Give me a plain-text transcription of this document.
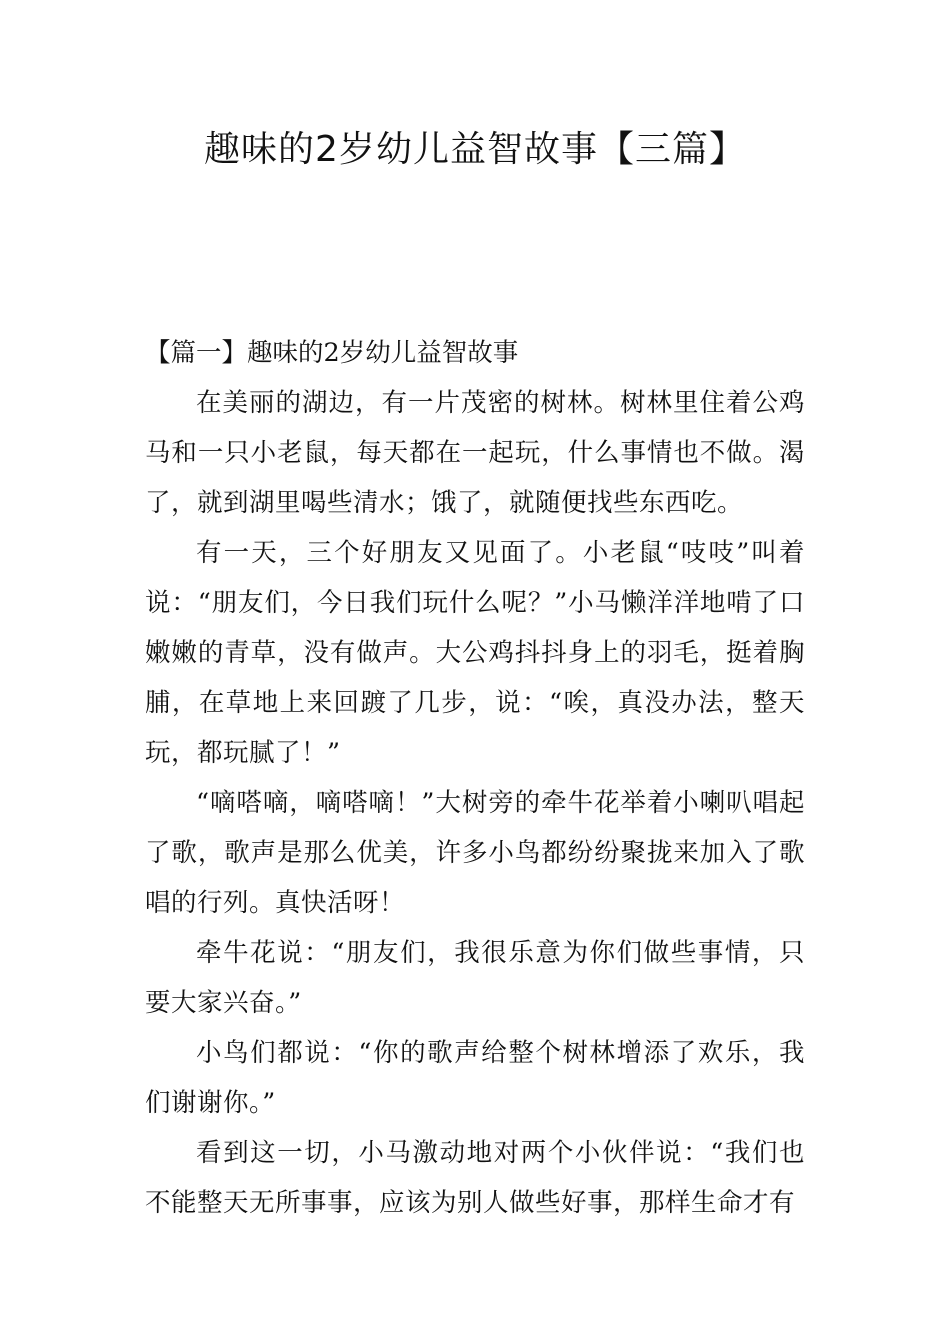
趣味的2岁幼儿益智故事【三篇】
【篇一】趣味的2岁幼儿益智故事

在美丽的湖边，有一片茂密的树林。树林里住着公鸡马和一只小老鼠，每天都在一起玩，什么事情也不做。渴了，就到湖里喝些清水；饿了，就随便找些东西吃。

有一天，三个好朋友又见面了。小老鼠“吱吱”叫着说：“朋友们，今日我们玩什么呢？”小马懒洋洋地啃了口嫩嫩的青草，没有做声。大公鸡抖抖身上的羽毛，挺着胸脯，在草地上来回踱了几步，说：“唉，真没办法，整天玩，都玩腻了！”

“嘀嗒嘀，嘀嗒嘀！”大树旁的牵牛花举着小喇叭唱起了歌，歌声是那么优美，许多小鸟都纷纷聚拢来加入了歌唱的行列。真快活呀！

牵牛花说：“朋友们，我很乐意为你们做些事情，只要大家兴奋。”

小鸟们都说：“你的歌声给整个树林增添了欢乐，我们谢谢你。”

看到这一切，小马激动地对两个小伙伴说：“我们也不能整天无所事事，应该为别人做些好事，那样生命才有
